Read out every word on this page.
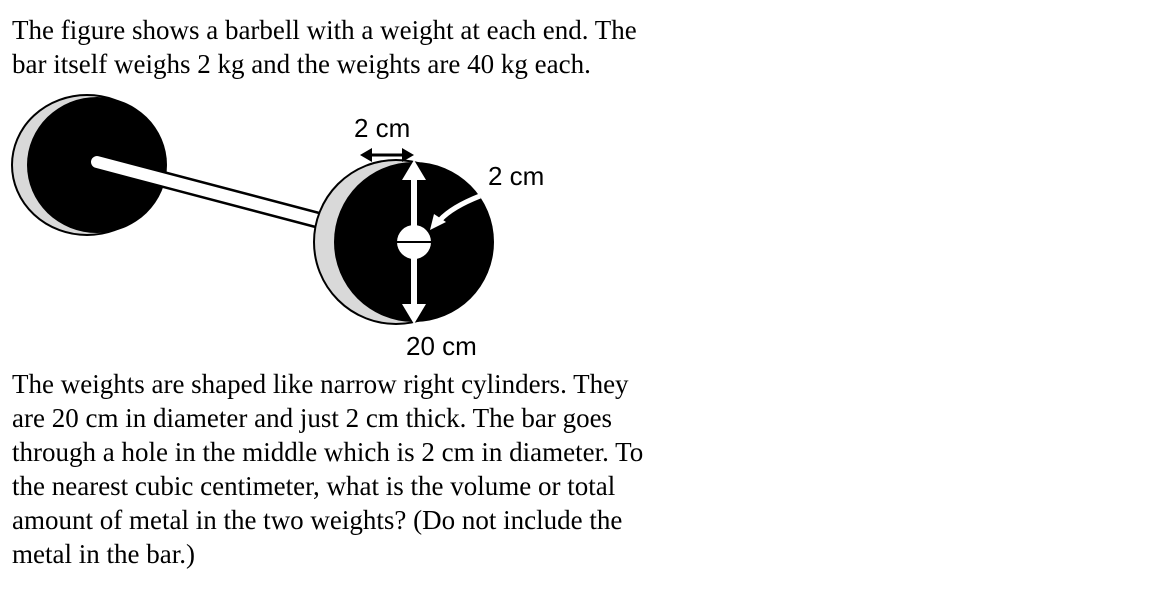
The figure shows a barbell with a weight at each end. The
bar itself weighs 2 kg and the weights are 40 kg each.
2 cm
2 cm
20 cm
The weights are shaped like narrow right cylinders. They
are 20 cm in diameter and just 2 cm thick. The bar goes
through a hole in the middle which is 2 cm in diameter. To
the nearest cubic centimeter, what is the volume or total
amount of metal in the two weights? (Do not include the
metal in the bar.)
